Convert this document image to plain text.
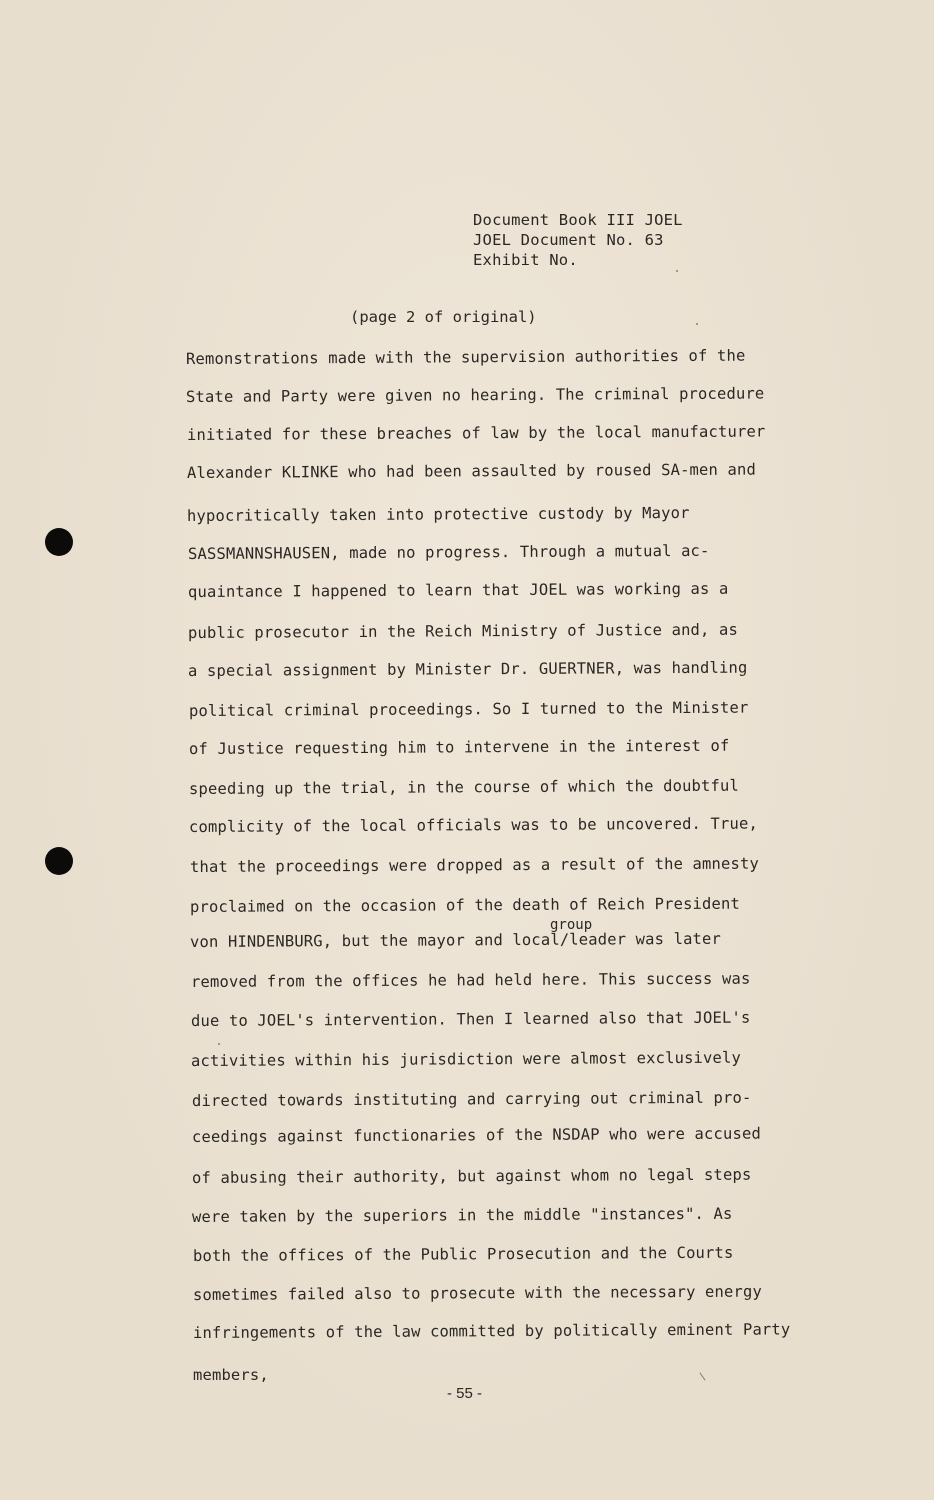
Document Book III JOEL
JOEL Document No. 63
Exhibit No.
(page 2 of original)
Remonstrations made with the supervision authorities of the
State and Party were given no hearing. The criminal procedure
initiated for these breaches of law by the local manufacturer
Alexander KLINKE who had been assaulted by roused SA-men and
hypocritically taken into protective custody by Mayor
SASSMANNSHAUSEN, made no progress. Through a mutual ac-
quaintance I happened to learn that JOEL was working as a
public prosecutor in the Reich Ministry of Justice and, as
a special assignment by Minister Dr. GUERTNER, was handling
political criminal proceedings. So I turned to the Minister
of Justice requesting him to intervene in the interest of
speeding up the trial, in the course of which the doubtful
complicity of the local officials was to be uncovered. True,
that the proceedings were dropped as a result of the amnesty
proclaimed on the occasion of the death of Reich President
group
von HINDENBURG, but the mayor and local/leader was later
removed from the offices he had held here. This success was
due to JOEL's intervention. Then I learned also that JOEL's
activities within his jurisdiction were almost exclusively
directed towards instituting and carrying out criminal pro-
ceedings against functionaries of the NSDAP who were accused
of abusing their authority, but against whom no legal steps
were taken by the superiors in the middle "instances". As
both the offices of the Public Prosecution and the Courts
sometimes failed also to prosecute with the necessary energy
infringements of the law committed by politically eminent Party
members,
- 55 -
